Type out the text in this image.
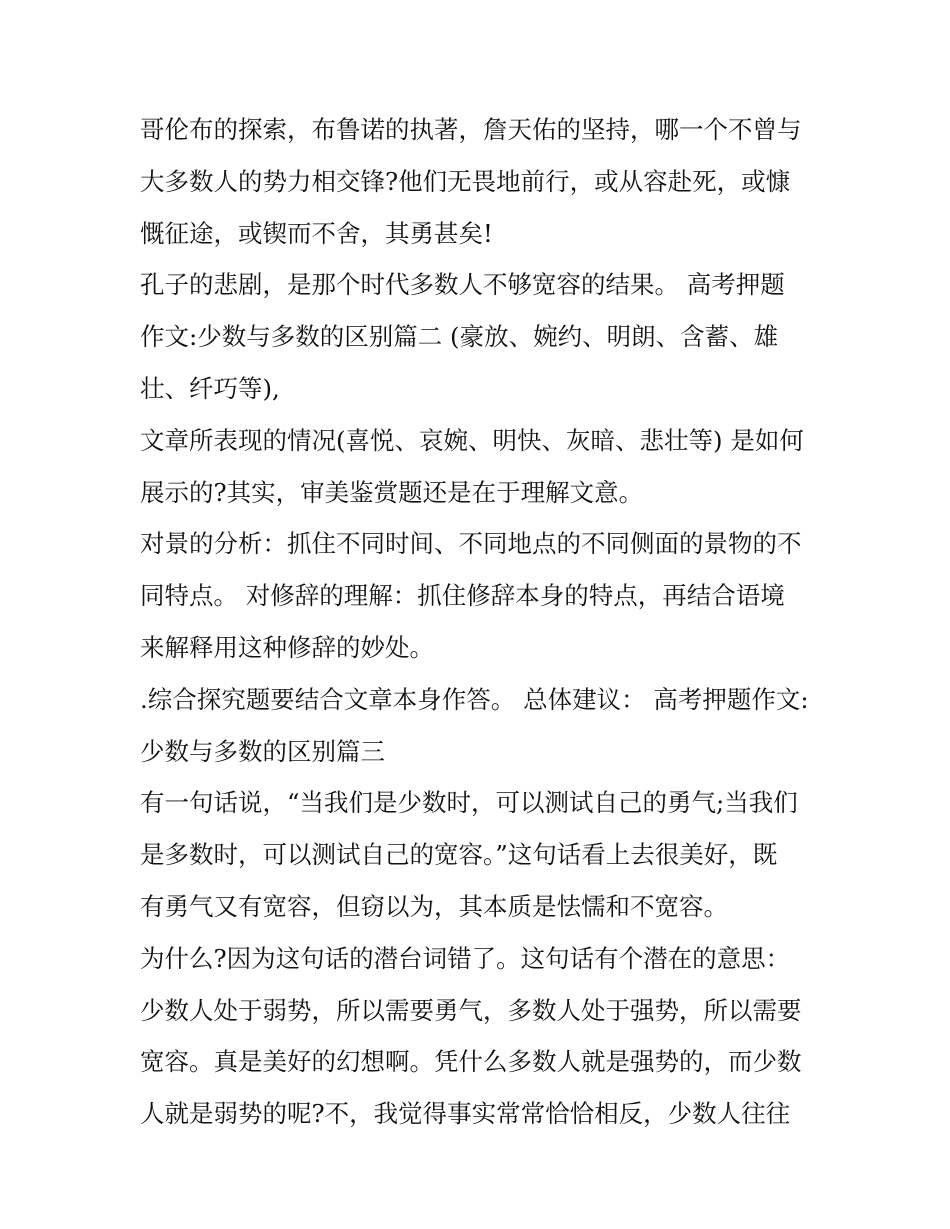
哥伦布的探索，布鲁诺的执著，詹天佑的坚持，哪一个不曾与
大多数人的势力相交锋?他们无畏地前行，或从容赴死，或慷
慨征途，或锲而不舍，其勇甚矣!
孔子的悲剧，是那个时代多数人不够宽容的结果。 高考押题
作文:少数与多数的区别篇二 (豪放、婉约、明朗、含蓄、雄
壮、纤巧等),
文章所表现的情况(喜悦、哀婉、明快、灰暗、悲壮等) 是如何
展示的?其实，审美鉴赏题还是在于理解文意。
对景的分析：抓住不同时间、不同地点的不同侧面的景物的不
同特点。 对修辞的理解：抓住修辞本身的特点，再结合语境
来解释用这种修辞的妙处。
.综合探究题要结合文章本身作答。 总体建议： 高考押题作文:
少数与多数的区别篇三
有一句话说，“当我们是少数时，可以测试自己的勇气;当我们
是多数时，可以测试自己的宽容。”这句话看上去很美好，既
有勇气又有宽容，但窃以为，其本质是怯懦和不宽容。
为什么?因为这句话的潜台词错了。这句话有个潜在的意思：
少数人处于弱势，所以需要勇气，多数人处于强势，所以需要
宽容。真是美好的幻想啊。凭什么多数人就是强势的，而少数
人就是弱势的呢?不，我觉得事实常常恰恰相反，少数人往往
